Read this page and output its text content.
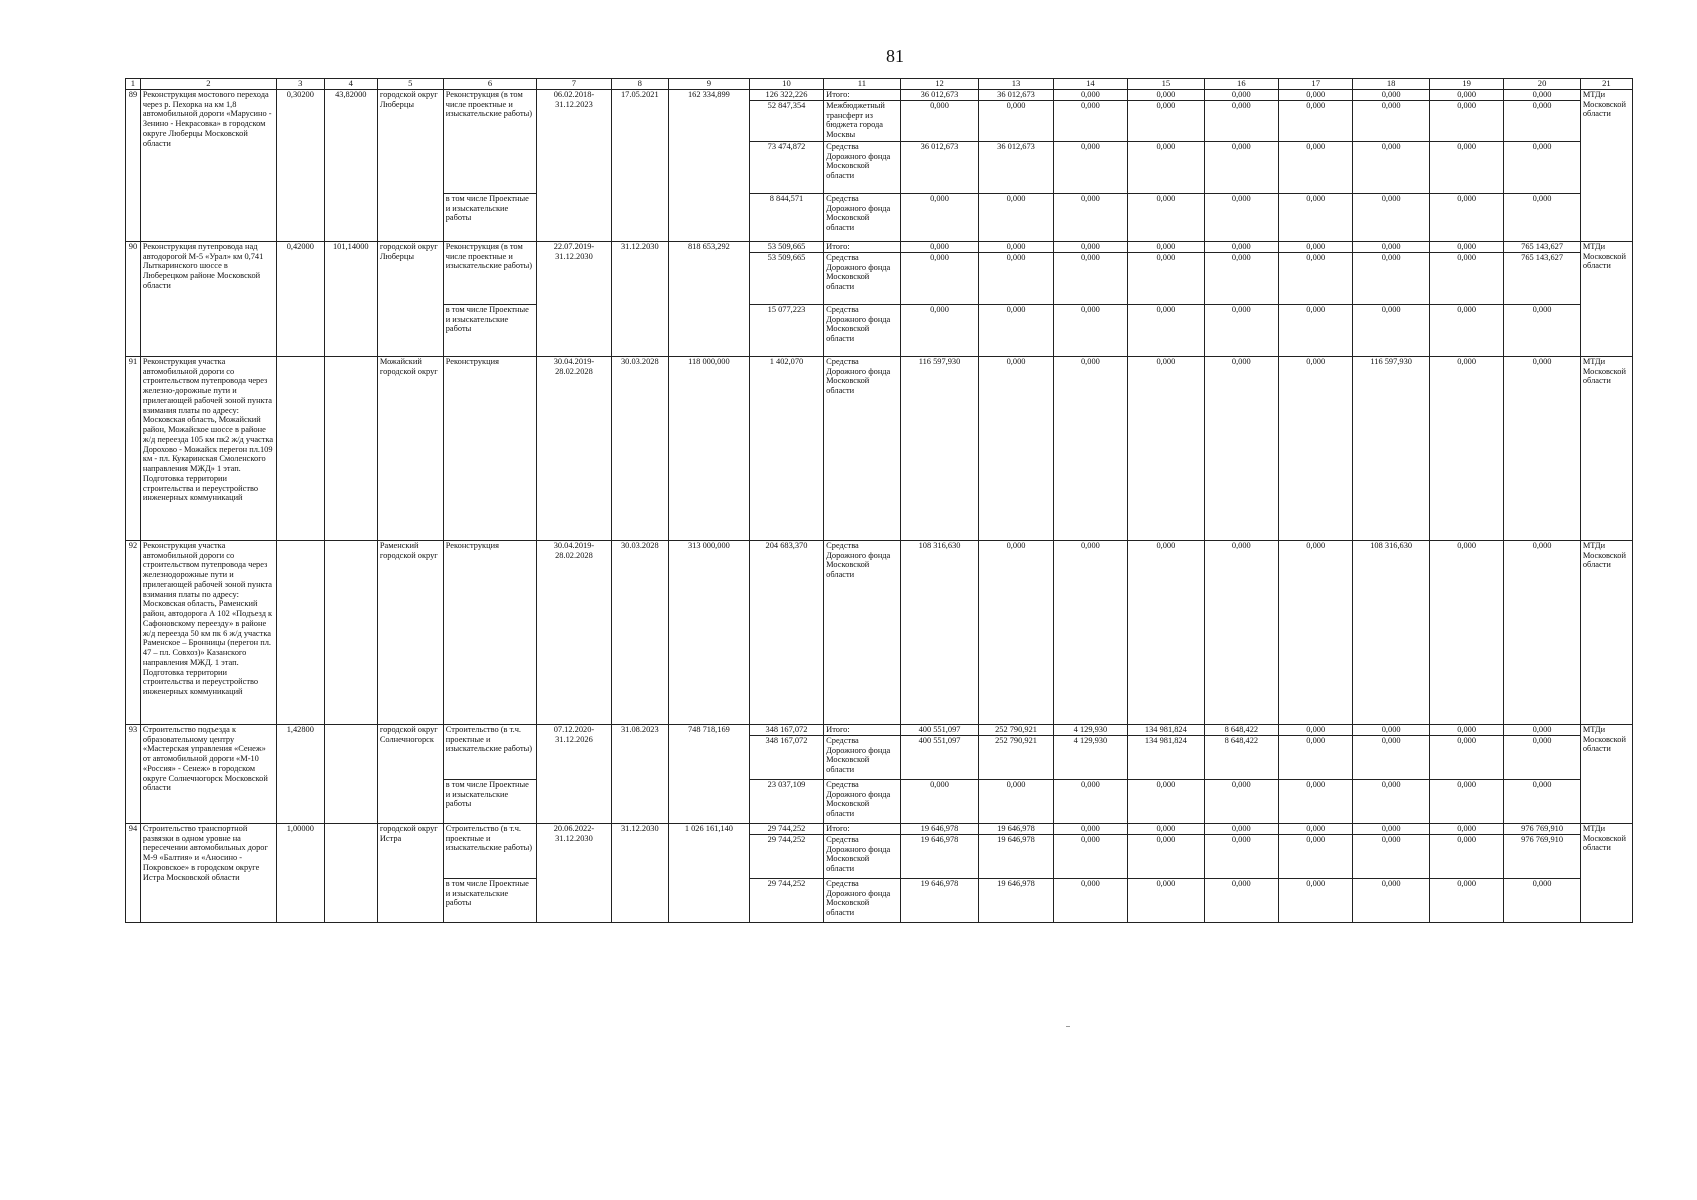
81
1	2	3	4	5	6	7	8	9	10	11	12	13	14	15	16	17	18	19	20	21
89	Реконструкция мостового перехода через р. Пехорка на км 1,8 автомобильной дороги «Марусино - Зенино - Некрасовка» в городском округе Люберцы Московской области	0,30200	43,82000	городской округ Люберцы	Реконструкция (в том числе проектные и изыскательские работы)	06.02.2018-31.12.2023	17.05.2021	162 334,899	126 322,226	Итого:	36 012,673	36 012,673	0,000	0,000	0,000	0,000	0,000	0,000	0,000	МТДи Московской области
									52 847,354	Межбюджетный трансферт из бюджета города Москвы	0,000	0,000	0,000	0,000	0,000	0,000	0,000	0,000	0,000	
									73 474,872	Средства Дорожного фонда Московской области	36 012,673	36 012,673	0,000	0,000	0,000	0,000	0,000	0,000	0,000	
					в том числе Проектные и изыскательские работы				8 844,571	Средства Дорожного фонда Московской области	0,000	0,000	0,000	0,000	0,000	0,000	0,000	0,000	0,000	
90	Реконструкция путепровода над автодорогой М-5 «Урал» км 0,741 Лыткаринского шоссе в Люберецком районе Московской области	0,42000	101,14000	городской округ Люберцы	Реконструкция (в том числе проектные и изыскательские работы)	22.07.2019-31.12.2030	31.12.2030	818 653,292	53 509,665	Итого:	0,000	0,000	0,000	0,000	0,000	0,000	0,000	0,000	765 143,627	МТДи Московской области
									53 509,665	Средства Дорожного фонда Московской области	0,000	0,000	0,000	0,000	0,000	0,000	0,000	0,000	765 143,627	
					в том числе Проектные и изыскательские работы				15 077,223	Средства Дорожного фонда Московской области	0,000	0,000	0,000	0,000	0,000	0,000	0,000	0,000	0,000	
91	Реконструкция участка автомобильной дороги со строительством путепровода через железно-дорожные пути и прилегающей рабочей зоной пункта взимания платы по адресу: Московская область, Можайский район, Можайское шоссе в районе ж/д переезда 105 км пк2 ж/д участка Дорохово - Можайск перегон пл.109 км - пл. Кукаринская Смоленского направления МЖД» 1 этап. Подготовка территории строительства и переустройство инженерных коммуникаций			Можайский городской округ	Реконструкция	30.04.2019-28.02.2028	30.03.2028	118 000,000	1 402,070	Средства Дорожного фонда Московской области	116 597,930	0,000	0,000	0,000	0,000	0,000	116 597,930	0,000	0,000	МТДи Московской области
92	Реконструкция участка автомобильной дороги со строительством путепровода через железнодорожные пути и прилегающей рабочей зоной пункта взимания платы по адресу: Московская область, Раменский район, автодорога А 102 «Подъезд к Сафоновскому переезду» в районе ж/д переезда 50 км пк 6 ж/д участка Раменское – Бронницы (перегон пл. 47 – пл. Совхоз)» Казанского направления МЖД. 1 этап. Подготовка территории строительства и переустройство инженерных коммуникаций			Раменский городской округ	Реконструкция	30.04.2019-28.02.2028	30.03.2028	313 000,000	204 683,370	Средства Дорожного фонда Московской области	108 316,630	0,000	0,000	0,000	0,000	0,000	108 316,630	0,000	0,000	МТДи Московской области
93	Строительство подъезда к образовательному центру «Мастерская управления «Сенеж» от автомобильной дороги «М-10 «Россия» - Сенеж» в городском округе Солнечногорск Московской области	1,42800		городской округ Солнечногорск	Строительство (в т.ч. проектные и изыскательские работы)	07.12.2020-31.12.2026	31.08.2023	748 718,169	348 167,072	Итого:	400 551,097	252 790,921	4 129,930	134 981,824	8 648,422	0,000	0,000	0,000	0,000	МТДи Московской области
									348 167,072	Средства Дорожного фонда Московской области	400 551,097	252 790,921	4 129,930	134 981,824	8 648,422	0,000	0,000	0,000	0,000	
					в том числе Проектные и изыскательские работы				23 037,109	Средства Дорожного фонда Московской области	0,000	0,000	0,000	0,000	0,000	0,000	0,000	0,000	0,000	
94	Строительство транспортной развязки в одном уровне на пересечении автомобильных дорог М-9 «Балтия» и «Аносино - Покровское» в городском округе Истра Московской области	1,00000		городской округ Истра	Строительство (в т.ч. проектные и изыскательские работы)	20.06.2022-31.12.2030	31.12.2030	1 026 161,140	29 744,252	Итого:	19 646,978	19 646,978	0,000	0,000	0,000	0,000	0,000	0,000	976 769,910	МТДи Московской области
									29 744,252	Средства Дорожного фонда Московской области	19 646,978	19 646,978	0,000	0,000	0,000	0,000	0,000	0,000	976 769,910	
					в том числе Проектные и изыскательские работы				29 744,252	Средства Дорожного фонда Московской области	19 646,978	19 646,978	0,000	0,000	0,000	0,000	0,000	0,000	0,000	
